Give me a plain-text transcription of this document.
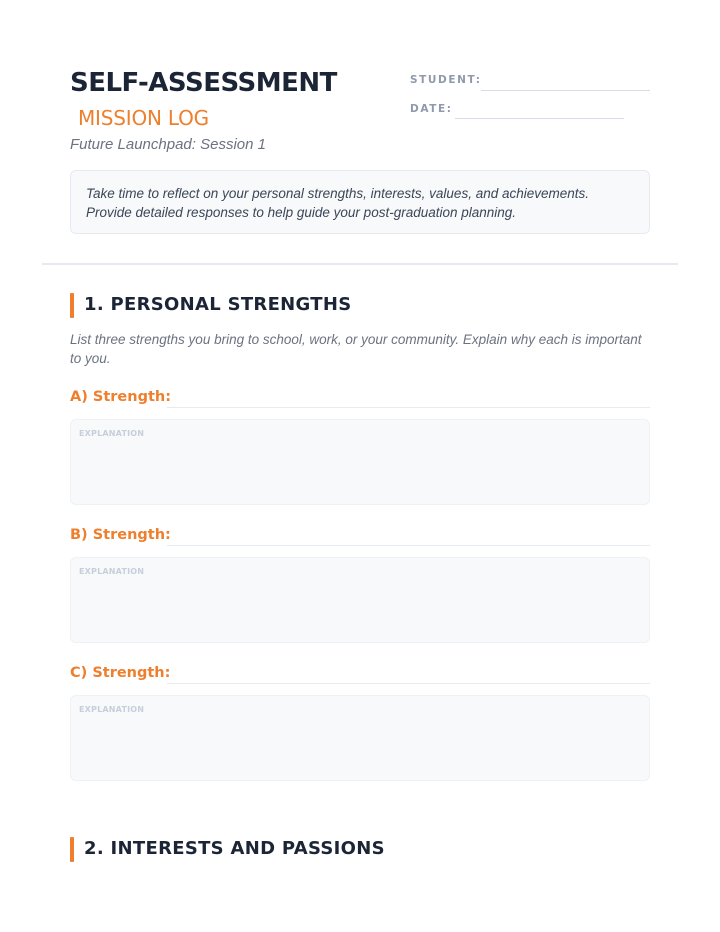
SELF-ASSESSMENT
MISSION LOG
Future Launchpad: Session 1
STUDENT:
DATE:
Take time to reflect on your personal strengths, interests, values, and achievements. Provide detailed responses to help guide your post-graduation planning.
1. PERSONAL STRENGTHS
List three strengths you bring to school, work, or your community. Explain why each is important to you.
A) Strength:
EXPLANATION
B) Strength:
EXPLANATION
C) Strength:
EXPLANATION
2. INTERESTS AND PASSIONS
